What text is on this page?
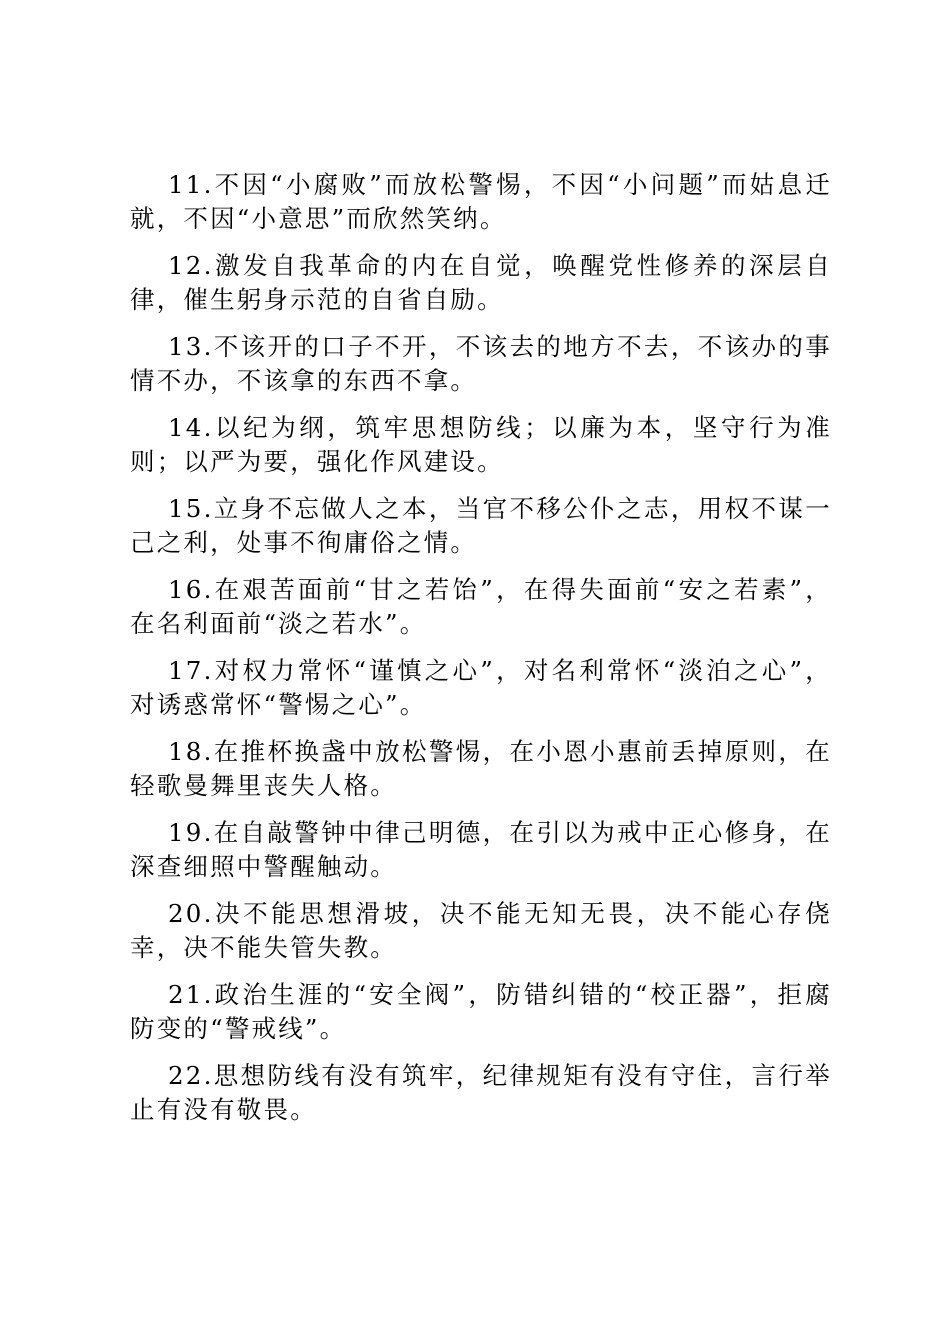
11.不因“小腐败”而放松警惕，不因“小问题”而姑息迁就，不因“小意思”而欣然笑纳。

12.激发自我革命的内在自觉，唤醒党性修养的深层自律，催生躬身示范的自省自励。

13.不该开的口子不开，不该去的地方不去，不该办的事情不办，不该拿的东西不拿。

14.以纪为纲，筑牢思想防线；以廉为本，坚守行为准则；以严为要，强化作风建设。

15.立身不忘做人之本，当官不移公仆之志，用权不谋一己之利，处事不徇庸俗之情。

16.在艰苦面前“甘之若饴”，在得失面前“安之若素”，在名利面前“淡之若水”。

17.对权力常怀“谨慎之心”，对名利常怀“淡泊之心”，对诱惑常怀“警惕之心”。

18.在推杯换盏中放松警惕，在小恩小惠前丢掉原则，在轻歌曼舞里丧失人格。

19.在自敲警钟中律己明德，在引以为戒中正心修身，在深查细照中警醒触动。

20.决不能思想滑坡，决不能无知无畏，决不能心存侥幸，决不能失管失教。

21.政治生涯的“安全阀”，防错纠错的“校正器”，拒腐防变的“警戒线”。

22.思想防线有没有筑牢，纪律规矩有没有守住，言行举止有没有敬畏。
